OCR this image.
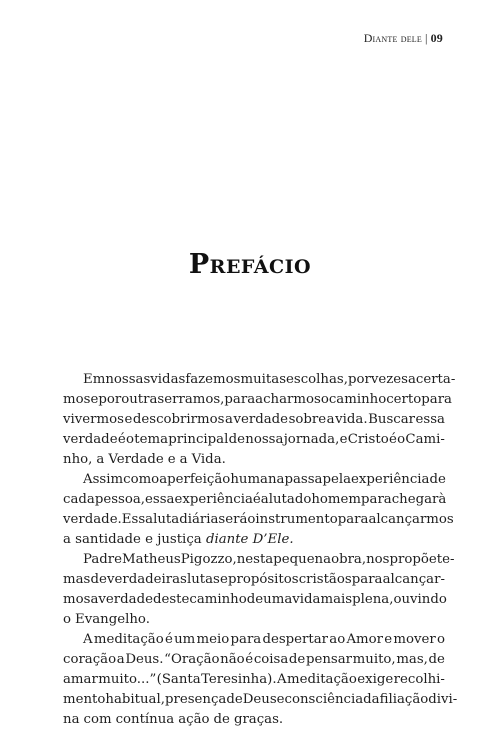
Diante dele | 09
Prefácio
Em nossas vidas fazemos muitas escolhas, por vezes acerta-
mos e por outras erramos, para acharmos o caminho certo para
vivermos e descobrirmos a verdade sobre a vida. Buscar essa
verdade é o tema principal de nossa jornada, e Cristo é o Cami-
nho, a Verdade e a Vida.
Assim como a perfeição humana passa pela experiência de
cada pessoa, essa experiência é a luta do homem para chegar à
verdade. Essa luta diária será o instrumento para alcançarmos
a santidade e justiça
diante D’Ele.
Padre Matheus Pigozzo, nesta pequena obra, nos propõe te-
mas de verdadeiras lutas e propósitos cristãos para alcançar-
mos a verdade deste caminho de uma vida mais plena, ouvindo
o Evangelho.
A meditação é um meio para despertar ao Amor e mover o
coração a Deus. “Oração não é coisa de pensar muito, mas, de
amar muito...” (Santa Teresinha). A meditação exige recolhi-
mento habitual, presença de Deus e consciência da filiação divi-
na com contínua ação de graças.
